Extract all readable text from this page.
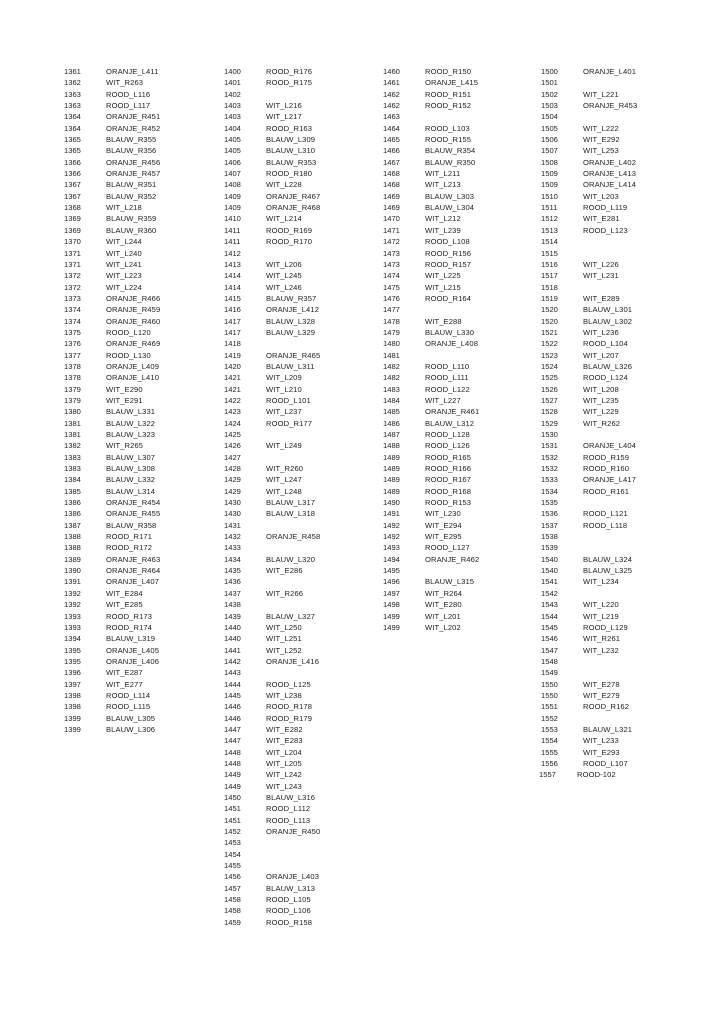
1361	ORANJE_L411
1362	WIT_R263
1363	ROOD_L116
1363	ROOD_L117
1364	ORANJE_R451
1364	ORANJE_R452
1365	BLAUW_R355
1365	BLAUW_R356
1366	ORANJE_R456
1366	ORANJE_R457
1367	BLAUW_R351
1367	BLAUW_R352
1368	WIT_L218
1369	BLAUW_R359
1369	BLAUW_R360
1370	WIT_L244
1371	WIT_L240
1371	WIT_L241
1372	WIT_L223
1372	WIT_L224
1373	ORANJE_R466
1374	ORANJE_R459
1374	ORANJE_R460
1375	ROOD_L120
1376	ORANJE_R469
1377	ROOD_L130
1378	ORANJE_L409
1378	ORANJE_L410
1379	WIT_E290
1379	WIT_E291
1380	BLAUW_L331
1381	BLAUW_L322
1381	BLAUW_L323
1382	WIT_R265
1383	BLAUW_L307
1383	BLAUW_L308
1384	BLAUW_L332
1385	BLAUW_L314
1386	ORANJE_R454
1386	ORANJE_R455
1387	BLAUW_R358
1388	ROOD_R171
1388	ROOD_R172
1389	ORANJE_R463
1390	ORANJE_R464
1391	ORANJE_L407
1392	WIT_E284
1392	WIT_E285
1393	ROOD_R173
1393	ROOD_R174
1394	BLAUW_L319
1395	ORANJE_L405
1395	ORANJE_L406
1396	WIT_E287
1397	WIT_E277
1398	ROOD_L114
1398	ROOD_L115
1399	BLAUW_L305
1399	BLAUW_L306
1400	ROOD_R176
1401	ROOD_R175
1402
1403	WIT_L216
1403	WIT_L217
1404	ROOD_R163
1405	BLAUW_L309
1405	BLAUW_L310
1406	BLAUW_R353
1407	ROOD_R180
1408	WIT_L228
1409	ORANJE_R467
1409	ORANJE_R468
1410	WIT_L214
1411	ROOD_R169
1411	ROOD_R170
1412
1413	WIT_L206
1414	WIT_L245
1414	WIT_L246
1415	BLAUW_R357
1416	ORANJE_L412
1417	BLAUW_L328
1417	BLAUW_L329
1418
1419	ORANJE_R465
1420	BLAUW_L311
1421	WIT_L209
1421	WIT_L210
1422	ROOD_L101
1423	WIT_L237
1424	ROOD_R177
1425
1426	WIT_L249
1427
1428	WIT_R260
1429	WIT_L247
1429	WIT_L248
1430	BLAUW_L317
1430	BLAUW_L318
1431
1432	ORANJE_R458
1433
1434	BLAUW_L320
1435	WIT_E286
1436
1437	WIT_R266
1438
1439	BLAUW_L327
1440	WIT_L250
1440	WIT_L251
1441	WIT_L252
1442	ORANJE_L416
1443
1444	ROOD_L125
1445	WIT_L238
1446	ROOD_R178
1446	ROOD_R179
1447	WIT_E282
1447	WIT_E283
1448	WIT_L204
1448	WIT_L205
1449	WIT_L242
1449	WIT_L243
1450	BLAUW_L316
1451	ROOD_L112
1451	ROOD_L113
1452	ORANJE_R450
1453
1454
1455
1456	ORANJE_L403
1457	BLAUW_L313
1458	ROOD_L105
1458	ROOD_L106
1459	ROOD_R158
1460	ROOD_R150
1461	ORANJE_L415
1462	ROOD_R151
1462	ROOD_R152
1463
1464	ROOD_L103
1465	ROOD_R155
1466	BLAUW_R354
1467	BLAUW_R350
1468	WIT_L211
1468	WIT_L213
1469	BLAUW_L303
1469	BLAUW_L304
1470	WIT_L212
1471	WIT_L239
1472	ROOD_L108
1473	ROOD_R156
1473	ROOD_R157
1474	WIT_L225
1475	WIT_L215
1476	ROOD_R164
1477
1478	WIT_E288
1479	BLAUW_L330
1480	ORANJE_L408
1481
1482	ROOD_L110
1482	ROOD_L111
1483	ROOD_L122
1484	WIT_L227
1485	ORANJE_R461
1486	BLAUW_L312
1487	ROOD_L128
1488	ROOD_L126
1489	ROOD_R165
1489	ROOD_R166
1489	ROOD_R167
1489	ROOD_R168
1490	ROOD_R153
1491	WIT_L230
1492	WIT_E294
1492	WIT_E295
1493	ROOD_L127
1494	ORANJE_R462
1495
1496	BLAUW_L315
1497	WIT_R264
1498	WIT_E280
1499	WIT_L201
1499	WIT_L202
1500	ORANJE_L401
1501
1502	WIT_L221
1503	ORANJE_R453
1504
1505	WIT_L222
1506	WIT_E292
1507	WIT_L253
1508	ORANJE_L402
1509	ORANJE_L413
1509	ORANJE_L414
1510	WIT_L203
1511	ROOD_L119
1512	WIT_E281
1513	ROOD_L123
1514
1515
1516	WIT_L226
1517	WIT_L231
1518
1519	WIT_E289
1520	BLAUW_L301
1520	BLAUW_L302
1521	WIT_L236
1522	ROOD_L104
1523	WIT_L207
1524	BLAUW_L326
1525	ROOD_L124
1526	WIT_L208
1527	WIT_L235
1528	WIT_L229
1529	WIT_R262
1530
1531	ORANJE_L404
1532	ROOD_R159
1532	ROOD_R160
1533	ORANJE_L417
1534	ROOD_R161
1535
1536	ROOD_L121
1537	ROOD_L118
1538
1539
1540	BLAUW_L324
1540	BLAUW_L325
1541	WIT_L234
1542
1543	WIT_L220
1544	WIT_L219
1545	ROOD_L129
1546	WIT_R261
1547	WIT_L232
1548
1549
1550	WIT_E278
1550	WIT_E279
1551	ROOD_R162
1552
1553	BLAUW_L321
1554	WIT_L233
1555	WIT_E293
1556	ROOD_L107
1557	ROOD-102
